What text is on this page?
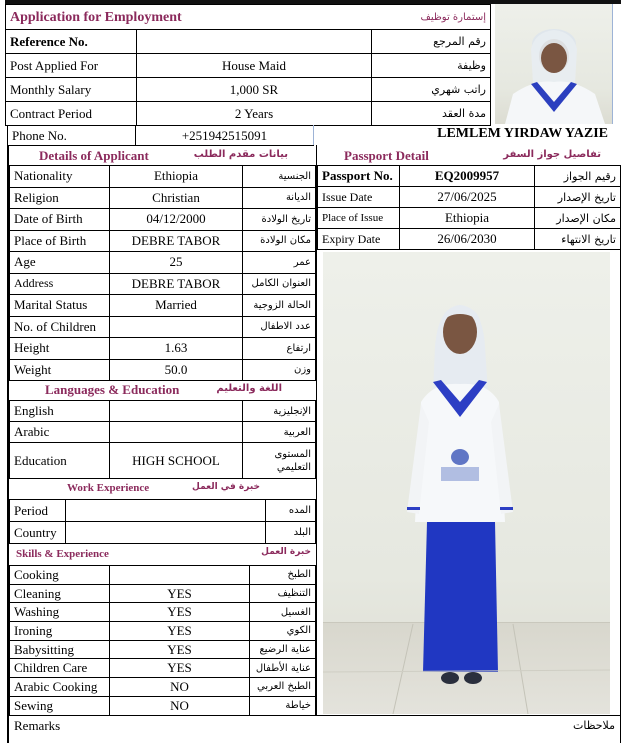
Application for Employment إستمارة توظيف		

Reference No.		رقم المرجع
Post Applied For	House Maid	وظيفة
Monthly Salary	1,000 SR	راتب شهري
Contract Period	2 Years	مدة العقد
Phone No.	+251942515091	LEMLEM YIRDAW YAZIE
Details of Applicant	بيانات مقدم الطلب
Nationality	Ethiopia	الجنسية
Religion	Christian	الديانة
Date of Birth	04/12/2000	تاريخ الولادة
Place of Birth	DEBRE TABOR	مكان الولادة
Age	25	عمر
Address	DEBRE TABOR	العنوان الكامل
Marital Status	Married	الحالة الزوجية
No. of Children		عدد الاطفال
Height	1.63	ارتفاع
Weight	50.0	وزن
Languages & Education	اللغة والتعليم
English		الإنجليزية
Arabic		العربية
Education	HIGH SCHOOL	المستوى التعليمي
Work Experience	خبرة في العمل
Period		المده
Country		البلد
Skills & Experience	خبرة العمل
Cooking		الطبخ
Cleaning	YES	التنظيف
Washing	YES	الغسيل
Ironing	YES	الكوي
Babysitting	YES	عناية الرضيع
Children Care	YES	عناية الأطفال
Arabic Cooking	NO	الطبخ العربي
Sewing	NO	خياطة
Passport Detail	تفاصيل جواز السفر
Passport No.	EQ2009957	رقيم الجواز
Issue Date	27/06/2025	تاريخ الإصدار
Place of Issue	Ethiopia	مكان الإصدار
Expiry Date	26/06/2030	تاريخ الانتهاء
Remarks	ملاحظات
